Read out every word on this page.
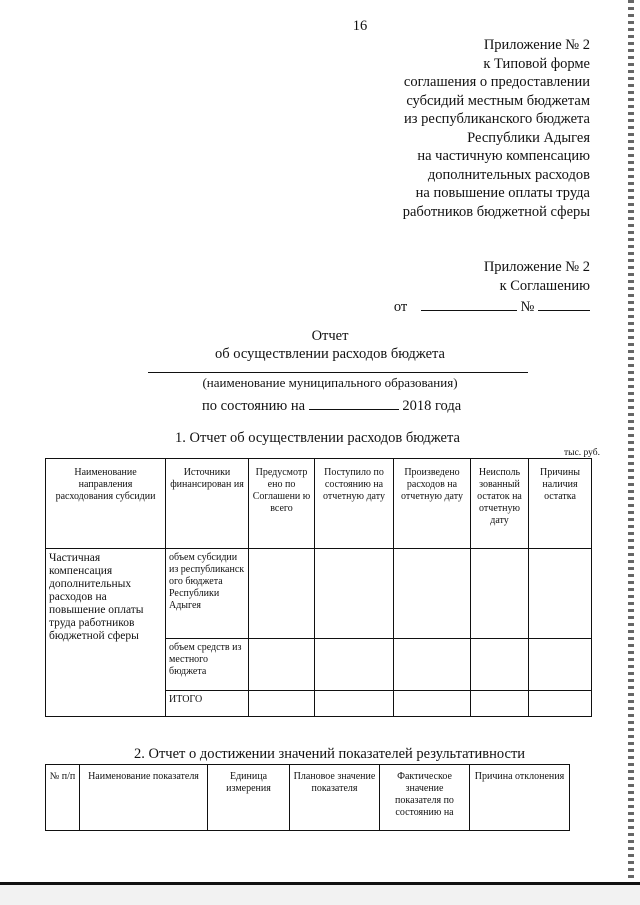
16
Приложение № 2
к Типовой форме
соглашения о предоставлении
субсидий местным бюджетам
из республиканского бюджета
Республики Адыгея
на частичную компенсацию
дополнительных расходов
на повышение оплаты труда
работников бюджетной сферы
Приложение № 2
к Соглашению
от	№
Отчет
об осуществлении расходов бюджета
(наименование муниципального образования)
по состоянию на	2018 года
1. Отчет об осуществлении расходов бюджета
тыс. руб.
Наименование направления расходования субсидии	Источники финансирован ия	Предусмотр ено по Соглашени ю всего	Поступило по состоянию на отчетную дату	Произведено расходов на отчетную дату	Неисполь зованный остаток на отчетную дату	Причины наличия остатка
Частичная компенсация дополнительных расходов на повышение оплаты труда работников бюджетной сферы	объем субсидии из республиканск ого бюджета Республики Адыгея					
	объем средств из местного бюджета					
	ИТОГО					
2. Отчет о достижении значений показателей результативности
№ п/п	Наименование показателя	Единица измерения	Плановое значение показателя	Фактическое значение показателя по состоянию на	Причина отклонения
